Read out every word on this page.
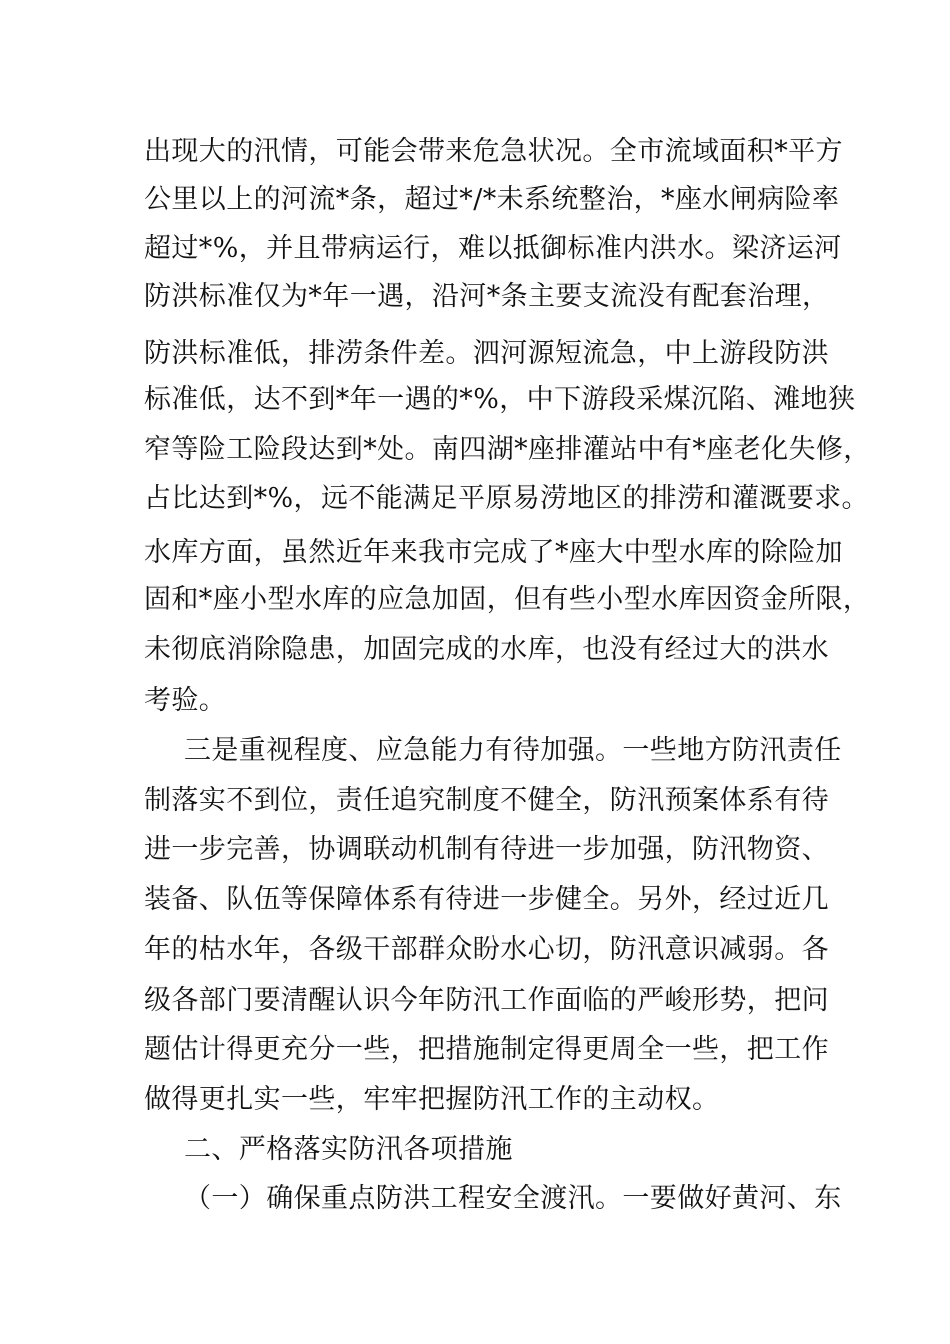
出现大的汛情，可能会带来危急状况。全市流域面积*平方
公里以上的河流*条，超过*/*未系统整治，*座水闸病险率
超过*%，并且带病运行，难以抵御标准内洪水。梁济运河
防洪标准仅为*年一遇，沿河*条主要支流没有配套治理，
防洪标准低，排涝条件差。泗河源短流急，中上游段防洪
标准低，达不到*年一遇的*%，中下游段采煤沉陷、滩地狭
窄等险工险段达到*处。南四湖*座排灌站中有*座老化失修，
占比达到*%，远不能满足平原易涝地区的排涝和灌溉要求。
水库方面，虽然近年来我市完成了*座大中型水库的除险加
固和*座小型水库的应急加固，但有些小型水库因资金所限，
未彻底消除隐患，加固完成的水库，也没有经过大的洪水
考验。
三是重视程度、应急能力有待加强。一些地方防汛责任
制落实不到位，责任追究制度不健全，防汛预案体系有待
进一步完善，协调联动机制有待进一步加强，防汛物资、
装备、队伍等保障体系有待进一步健全。另外，经过近几
年的枯水年，各级干部群众盼水心切，防汛意识减弱。各
级各部门要清醒认识今年防汛工作面临的严峻形势，把问
题估计得更充分一些，把措施制定得更周全一些，把工作
做得更扎实一些，牢牢把握防汛工作的主动权。
二、严格落实防汛各项措施
（一）确保重点防洪工程安全渡汛。一要做好黄河、东
